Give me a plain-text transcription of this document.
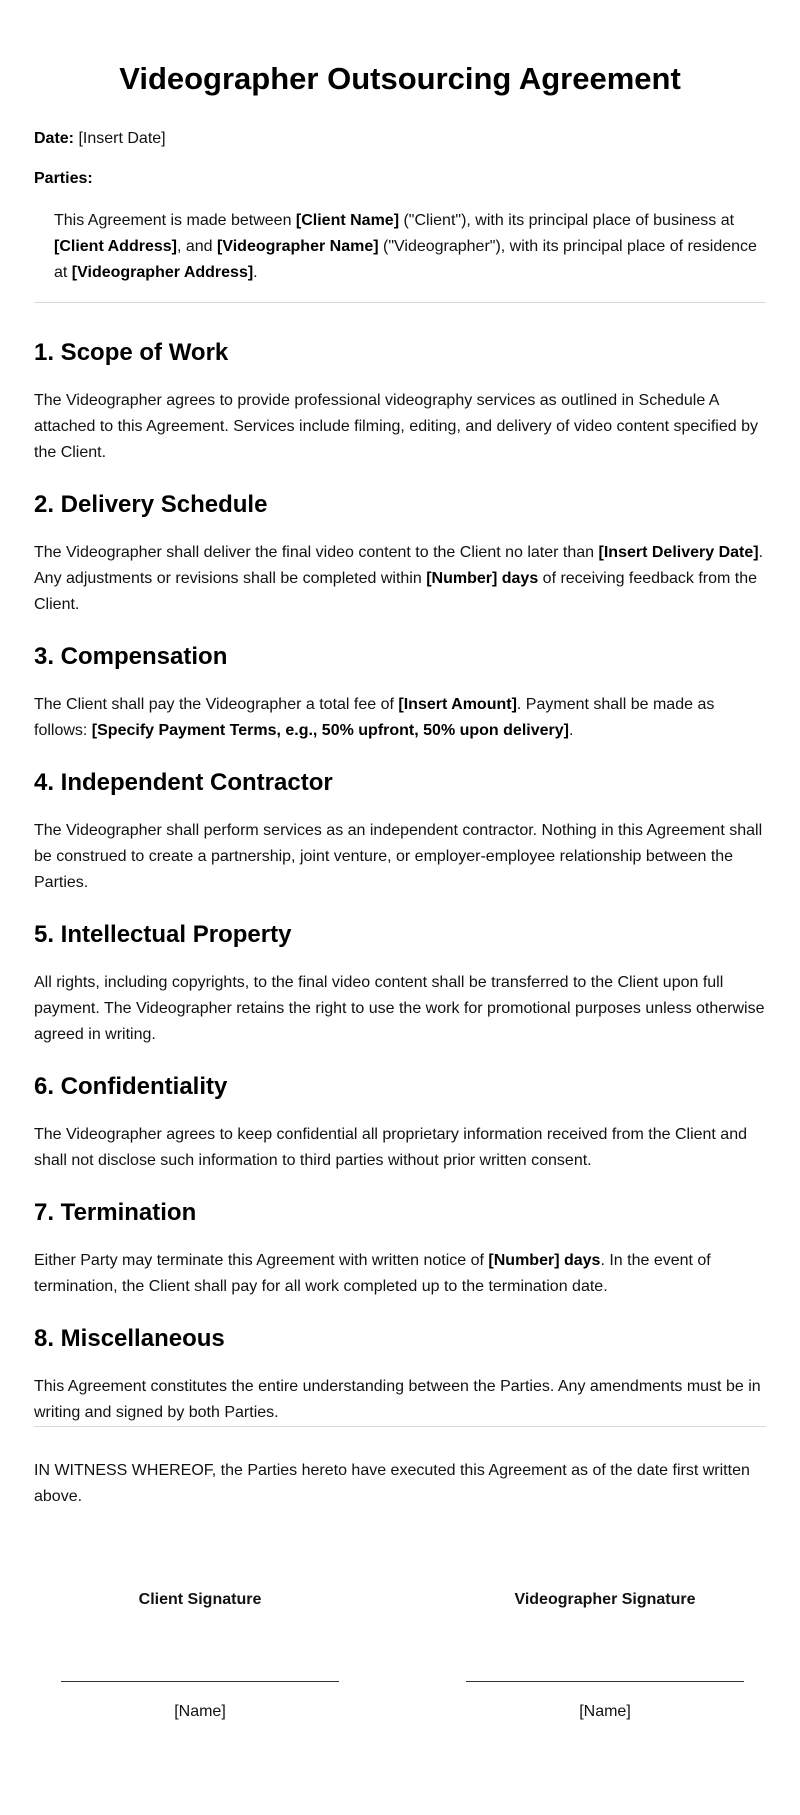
Videographer Outsourcing Agreement

Date: [Insert Date]

Parties:

This Agreement is made between [Client Name] ("Client"), with its principal place of business at [Client Address], and [Videographer Name] ("Videographer"), with its principal place of residence at [Videographer Address].

1. Scope of Work

The Videographer agrees to provide professional videography services as outlined in Schedule A attached to this Agreement. Services include filming, editing, and delivery of video content specified by the Client.

2. Delivery Schedule

The Videographer shall deliver the final video content to the Client no later than [Insert Delivery Date]. Any adjustments or revisions shall be completed within [Number] days of receiving feedback from the Client.

3. Compensation

The Client shall pay the Videographer a total fee of [Insert Amount]. Payment shall be made as follows: [Specify Payment Terms, e.g., 50% upfront, 50% upon delivery].

4. Independent Contractor

The Videographer shall perform services as an independent contractor. Nothing in this Agreement shall be construed to create a partnership, joint venture, or employer-employee relationship between the Parties.

5. Intellectual Property

All rights, including copyrights, to the final video content shall be transferred to the Client upon full payment. The Videographer retains the right to use the work for promotional purposes unless otherwise agreed in writing.

6. Confidentiality

The Videographer agrees to keep confidential all proprietary information received from the Client and shall not disclose such information to third parties without prior written consent.

7. Termination

Either Party may terminate this Agreement with written notice of [Number] days. In the event of termination, the Client shall pay for all work completed up to the termination date.

8. Miscellaneous

This Agreement constitutes the entire understanding between the Parties. Any amendments must be in writing and signed by both Parties.

IN WITNESS WHEREOF, the Parties hereto have executed this Agreement as of the date first written above.

Client Signature
[Name]
Videographer Signature
[Name]
